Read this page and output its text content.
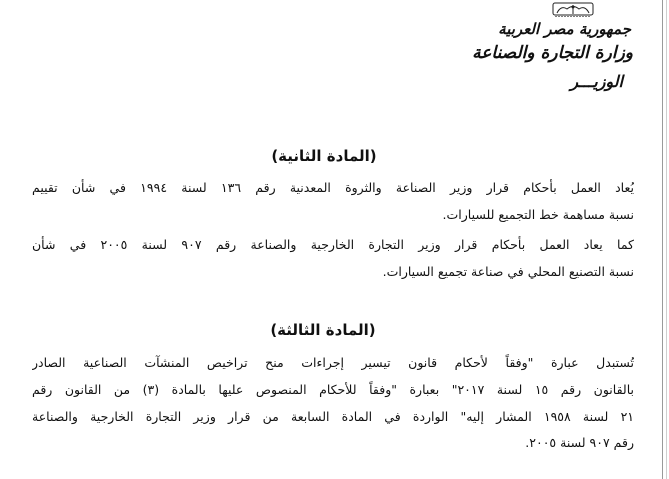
جمهورية مصر العربية
وزارة التجارة والصناعة
الوزيـــر
(المادة الثانية)
يُعاد العمل بأحكام قرار وزير الصناعة والثروة المعدنية رقم ١٣٦ لسنة ١٩٩٤ في شأن تقييم
نسبة مساهمة خط التجميع للسيارات.
كما يعاد العمل بأحكام قرار وزير التجارة الخارجية والصناعة رقم ٩٠٧ لسنة ٢٠٠٥ في شأن
نسبة التصنيع المحلي في صناعة تجميع السيارات.
(المادة الثالثة)
تُستبدل عبارة "وفقاً لأحكام قانون تيسير إجراءات منح تراخيص المنشآت الصناعية الصادر
بالقانون رقم ١٥ لسنة ٢٠١٧" بعبارة "وفقاً للأحكام المنصوص عليها بالمادة (٣) من القانون رقم
٢١ لسنة ١٩٥٨ المشار إليه" الواردة في المادة السابعة من قرار وزير التجارة الخارجية والصناعة
رقم ٩٠٧ لسنة ٢٠٠٥.
